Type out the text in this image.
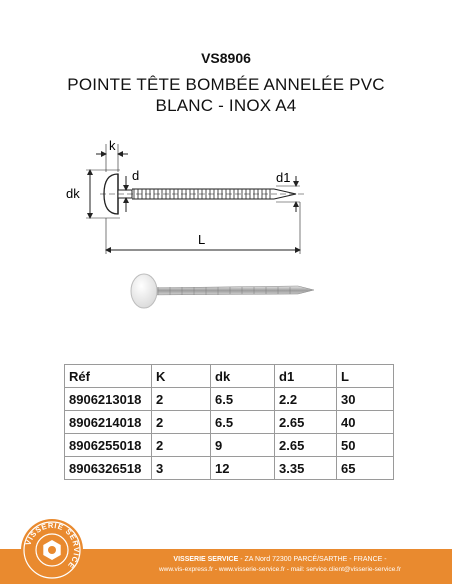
VS8906
POINTE TÊTE BOMBÉE ANNELÉE PVC
BLANC - INOX A4
dk
k
d	d1
L
Réf	K	dk	d1	L
8906213018	2	6.5	2.2	30
8906214018	2	6.5	2.65	40
8906255018	2	9	2.65	50
8906326518	3	12	3.35	65
VISSERIE SERVICE - ZA Nord 72300 PARCÉ/SARTHE - FRANCE -
www.vis-express.fr - www.visserie-service.fr - mail: service.client@visserie-service.fr
VISSERIE SERVICE
